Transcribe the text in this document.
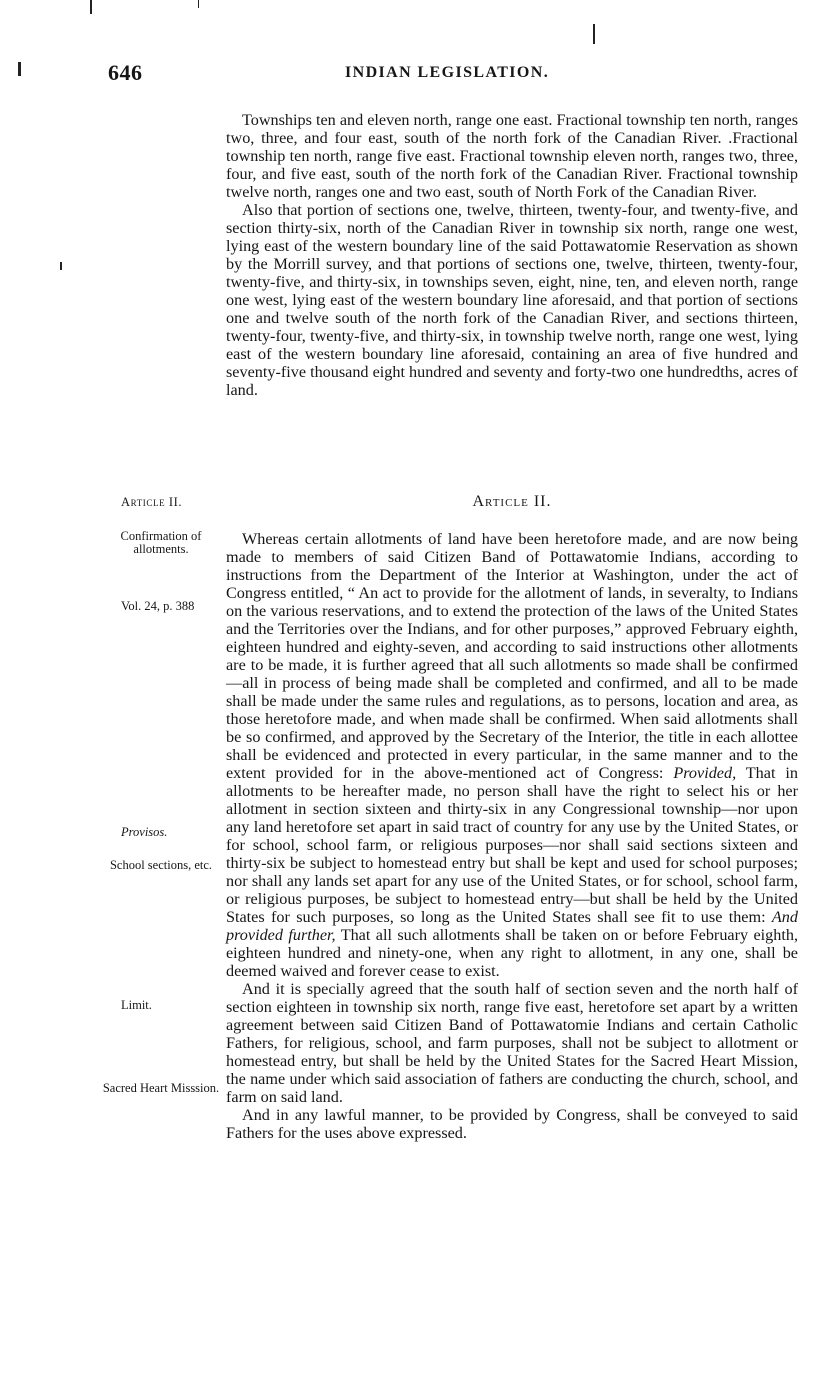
646	INDIAN LEGISLATION.

Townships ten and eleven north, range one east. Fractional township ten north, ranges two, three, and four east, south of the north fork of the Canadian River. .Fractional township ten north, range five east. Fractional township eleven north, ranges two, three, four, and five east, south of the north fork of the Canadian River. Fractional township twelve north, ranges one and two east, south of North Fork of the Canadian River.

Also that portion of sections one, twelve, thirteen, twenty-four, and twenty-five, and section thirty-six, north of the Canadian River in township six north, range one west, lying east of the western boundary line of the said Pottawatomie Reservation as shown by the Morrill survey, and that portions of sections one, twelve, thirteen, twenty-four, twenty-five, and thirty-six, in townships seven, eight, nine, ten, and eleven north, range one west, lying east of the western boundary line aforesaid, and that portion of sections one and twelve south of the north fork of the Canadian River, and sections thirteen, twenty-four, twenty-five, and thirty-six, in township twelve north, range one west, lying east of the western boundary line aforesaid, containing an area of five hundred and seventy-five thousand eight hundred and seventy and forty-two one hundredths, acres of land.

Article II.	Article II.
Confirmation of allotments.
Vol. 24, p. 388
Provisos.
School sections, etc.
Limit.
Sacred Heart Misssion.

Whereas certain allotments of land have been heretofore made, and are now being made to members of said Citizen Band of Pottawatomie Indians, according to instructions from the Department of the Interior at Washington, under the act of Congress entitled, “ An act to provide for the allotment of lands, in severalty, to Indians on the various reservations, and to extend the protection of the laws of the United States and the Territories over the Indians, and for other purposes,” approved February eighth, eighteen hundred and eighty-seven, and according to said instructions other allotments are to be made, it is further agreed that all such allotments so made shall be confirmed—all in process of being made shall be completed and confirmed, and all to be made shall be made under the same rules and regulations, as to persons, location and area, as those heretofore made, and when made shall be confirmed. When said allotments shall be so confirmed, and approved by the Secretary of the Interior, the title in each allottee shall be evidenced and protected in every particular, in the same manner and to the extent provided for in the above-mentioned act of Congress: Provided, That in allotments to be hereafter made, no person shall have the right to select his or her allotment in section sixteen and thirty-six in any Congressional township—nor upon any land heretofore set apart in said tract of country for any use by the United States, or for school, school farm, or religious purposes—nor shall said sections sixteen and thirty-six be subject to homestead entry but shall be kept and used for school purposes; nor shall any lands set apart for any use of the United States, or for school, school farm, or religious purposes, be subject to homestead entry—but shall be held by the United States for such purposes, so long as the United States shall see fit to use them: And provided further, That all such allotments shall be taken on or before February eighth, eighteen hundred and ninety-one, when any right to allotment, in any one, shall be deemed waived and forever cease to exist.

And it is specially agreed that the south half of section seven and the north half of section eighteen in township six north, range five east, heretofore set apart by a written agreement between said Citizen Band of Pottawatomie Indians and certain Catholic Fathers, for religious, school, and farm purposes, shall not be subject to allotment or homestead entry, but shall be held by the United States for the Sacred Heart Mission, the name under which said association of fathers are conducting the church, school, and farm on said land.

And in any lawful manner, to be provided by Congress, shall be conveyed to said Fathers for the uses above expressed.
